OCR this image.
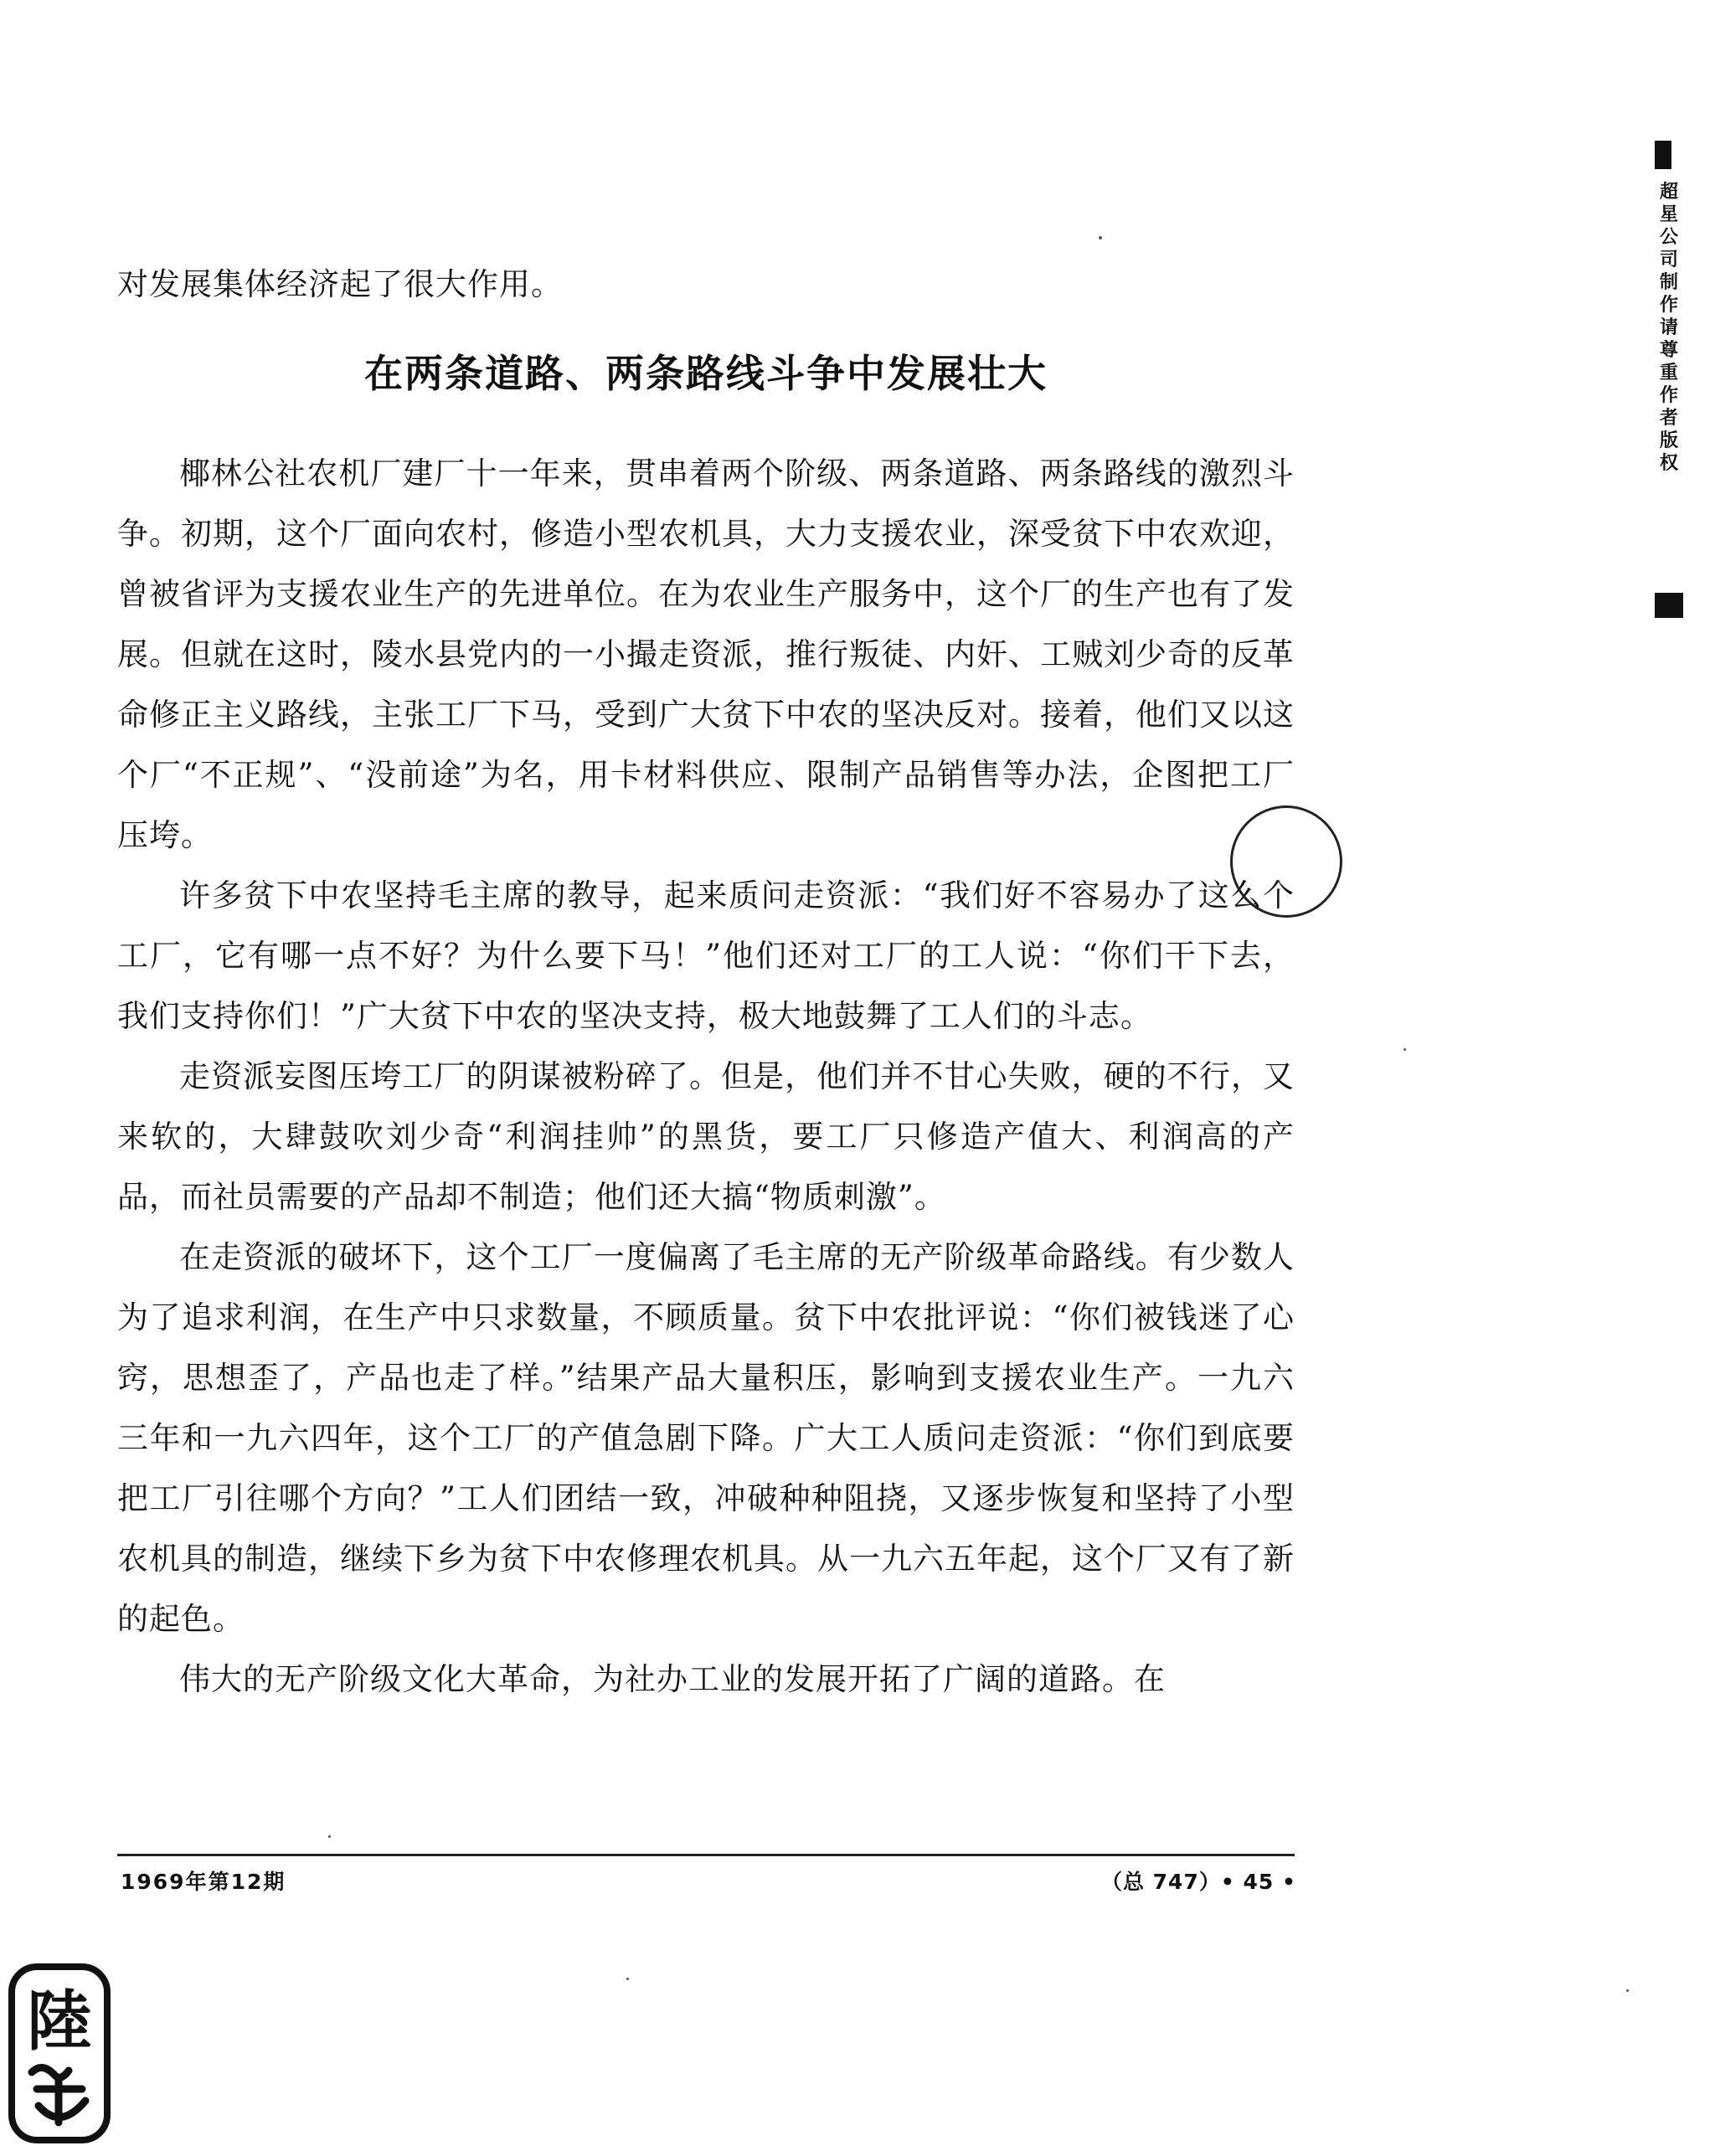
对发展集体经济起了很大作用。
在两条道路、两条路线斗争中发展壮大

椰林公社农机厂建厂十一年来，贯串着两个阶级、两条道路、两条路线的激烈斗争。初期，这个厂面向农村，修造小型农机具，大力支援农业，深受贫下中农欢迎，曾被省评为支援农业生产的先进单位。在为农业生产服务中，这个厂的生产也有了发展。但就在这时，陵水县党内的一小撮走资派，推行叛徒、内奸、工贼刘少奇的反革命修正主义路线，主张工厂下马，受到广大贫下中农的坚决反对。接着，他们又以这个厂“不正规”、“没前途”为名，用卡材料供应、限制产品销售等办法，企图把工厂压垮。

许多贫下中农坚持毛主席的教导，起来质问走资派：“我们好不容易办了这么个工厂，它有哪一点不好？为什么要下马！”他们还对工厂的工人说：“你们干下去，我们支持你们！”广大贫下中农的坚决支持，极大地鼓舞了工人们的斗志。

走资派妄图压垮工厂的阴谋被粉碎了。但是，他们并不甘心失败，硬的不行，又来软的，大肆鼓吹刘少奇“利润挂帅”的黑货，要工厂只修造产值大、利润高的产品，而社员需要的产品却不制造；他们还大搞“物质刺激”。

在走资派的破坏下，这个工厂一度偏离了毛主席的无产阶级革命路线。有少数人为了追求利润，在生产中只求数量，不顾质量。贫下中农批评说：“你们被钱迷了心窍，思想歪了，产品也走了样。”结果产品大量积压，影响到支援农业生产。一九六三年和一九六四年，这个工厂的产值急剧下降。广大工人质问走资派：“你们到底要把工厂引往哪个方向？”工人们团结一致，冲破种种阻挠，又逐步恢复和坚持了小型农机具的制造，继续下乡为贫下中农修理农机具。从一九六五年起，这个厂又有了新的起色。

伟大的无产阶级文化大革命，为社办工业的发展开拓了广阔的道路。在

1969年第12期	（总 747）• 45 •
超星公司制作请尊重作者版权
陸
